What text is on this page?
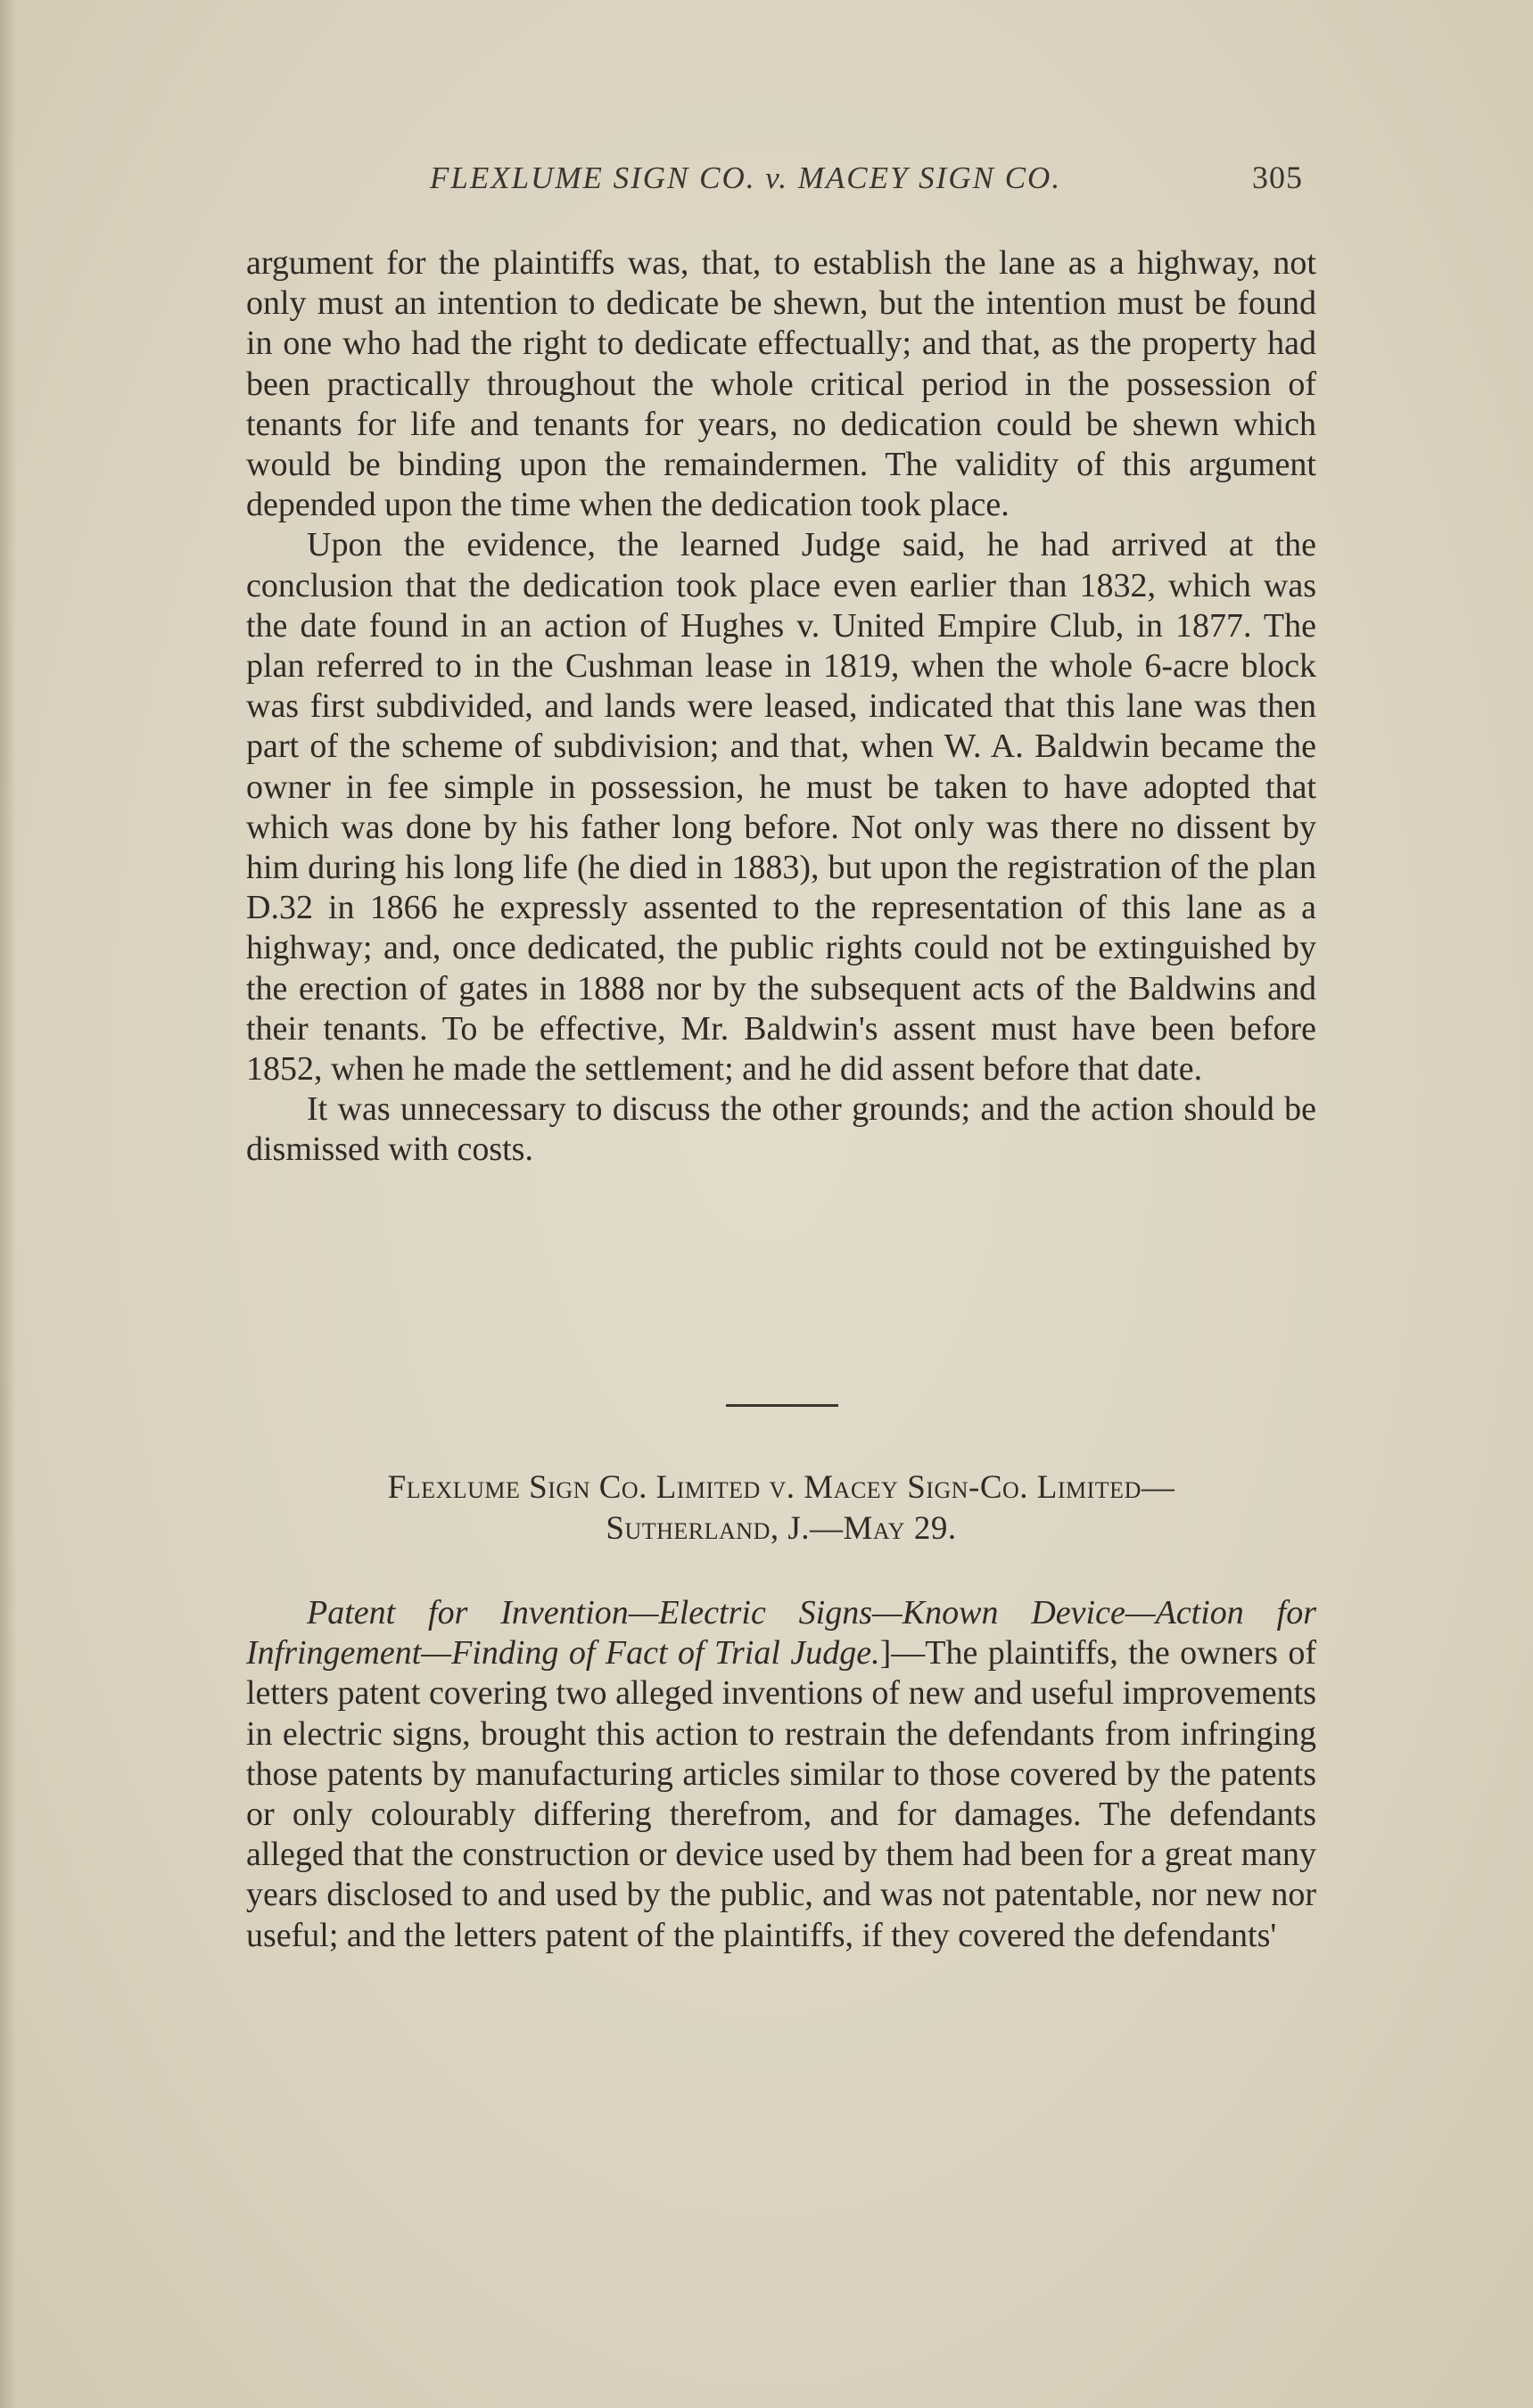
FLEXLUME SIGN CO. v. MACEY SIGN CO.	305

argument for the plaintiffs was, that, to establish the lane as a highway, not only must an intention to dedicate be shewn, but the intention must be found in one who had the right to dedicate effectually; and that, as the property had been practically throughout the whole critical period in the possession of tenants for life and tenants for years, no dedication could be shewn which would be binding upon the remaindermen. The validity of this argument depended upon the time when the dedication took place.

Upon the evidence, the learned Judge said, he had arrived at the conclusion that the dedication took place even earlier than 1832, which was the date found in an action of Hughes v. United Empire Club, in 1877. The plan referred to in the Cushman lease in 1819, when the whole 6-acre block was first subdivided, and lands were leased, indicated that this lane was then part of the scheme of subdivision; and that, when W. A. Baldwin became the owner in fee simple in possession, he must be taken to have adopted that which was done by his father long before. Not only was there no dissent by him during his long life (he died in 1883), but upon the registration of the plan D.32 in 1866 he expressly assented to the representation of this lane as a highway; and, once dedicated, the public rights could not be extinguished by the erection of gates in 1888 nor by the subsequent acts of the Baldwins and their tenants. To be effective, Mr. Baldwin's assent must have been before 1852, when he made the settlement; and he did assent before that date.

It was unnecessary to discuss the other grounds; and the action should be dismissed with costs.

Flexlume Sign Co. Limited v. Macey Sign-Co. Limited—
Sutherland, J.—May 29.

Patent for Invention—Electric Signs—Known Device—Action for Infringement—Finding of Fact of Trial Judge.]—The plaintiffs, the owners of letters patent covering two alleged inventions of new and useful improvements in electric signs, brought this action to restrain the defendants from infringing those patents by manufacturing articles similar to those covered by the patents or only colourably differing therefrom, and for damages. The defendants alleged that the construction or device used by them had been for a great many years disclosed to and used by the public, and was not patentable, nor new nor useful; and the letters patent of the plaintiffs, if they covered the defendants'
